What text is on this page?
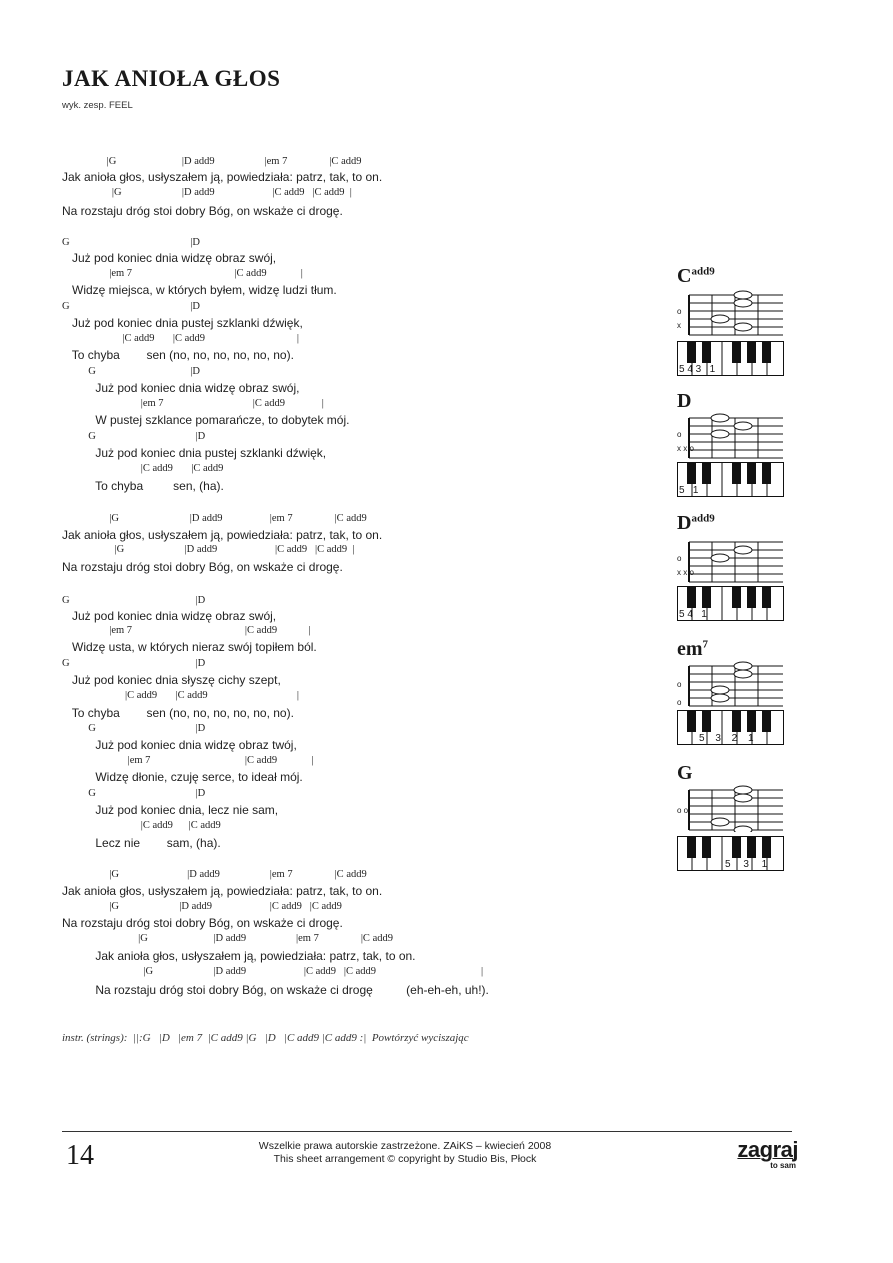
JAK ANIOŁA GŁOS
wyk. zesp. FEEL
|G                         |D add9                   |em 7                |C add9
Jak anioła głos, usłyszałem ją, powiedziała: patrz, tak, to on.
|G                       |D add9                      |C add9   |C add9  |
Na rozstaju dróg stoi dobry Bóg, on wskaże ci drogę.
G                                              |D
Już pod koniec dnia widzę obraz swój,
|em 7                                       |C add9             |
Widzę miejsca, w których byłem, widzę ludzi tłum.
G                                              |D
Już pod koniec dnia pustej szklanki dźwięk,
|C add9       |C add9                                   |
To chyba        sen (no, no, no, no, no, no).
G                                    |D
Już pod koniec dnia widzę obraz swój,
|em 7                                  |C add9              |
W pustej szklance pomarańcze, to dobytek mój.
G                                      |D
Już pod koniec dnia pustej szklanki dźwięk,
|C add9       |C add9
To chyba         sen, (ha).
|G                           |D add9                  |em 7                |C add9
Jak anioła głos, usłyszałem ją, powiedziała: patrz, tak, to on.
|G                       |D add9                      |C add9   |C add9  |
Na rozstaju dróg stoi dobry Bóg, on wskaże ci drogę.
G                                                |D
Już pod koniec dnia widzę obraz swój,
|em 7                                           |C add9            |
Widzę usta, w których nieraz swój topiłem ból.
G                                                |D
Już pod koniec dnia słyszę cichy szept,
|C add9       |C add9                                  |
To chyba        sen (no, no, no, no, no, no).
G                                      |D
Już pod koniec dnia widzę obraz twój,
|em 7                                    |C add9             |
Widzę dłonie, czuję serce, to ideał mój.
G                                      |D
Już pod koniec dnia, lecz nie sam,
|C add9      |C add9
Lecz nie        sam, (ha).
|G                          |D add9                   |em 7                |C add9
Jak anioła głos, usłyszałem ją, powiedziała: patrz, tak, to on.
|G                       |D add9                      |C add9   |C add9
Na rozstaju dróg stoi dobry Bóg, on wskaże ci drogę.
|G                         |D add9                   |em 7                |C add9
Jak anioła głos, usłyszałem ją, powiedziała: patrz, tak, to on.
|G                       |D add9                      |C add9   |C add9                                        |
Na rozstaju dróg stoi dobry Bóg, on wskaże ci drogę          (eh-eh-eh, uh!).
instr. (strings):  ||:G   |D   |em 7  |C add9 |G   |D   |C add9 |C add9 :|  Powtórzyć wyciszając
$C^{add9}$
o
x
5 4 3   1
D
o
x x o
5   1
$D^{add9}$
o
x x o
5 4   1
$em^7$
o
o
5 3 2 1
G
o o
5 3 1
14	Wszelkie prawa autorskie zastrzeżone. ZAiKS – kwiecień 2008
This sheet arrangement © copyright by Studio Bis, Płock	zagraj
to sam
